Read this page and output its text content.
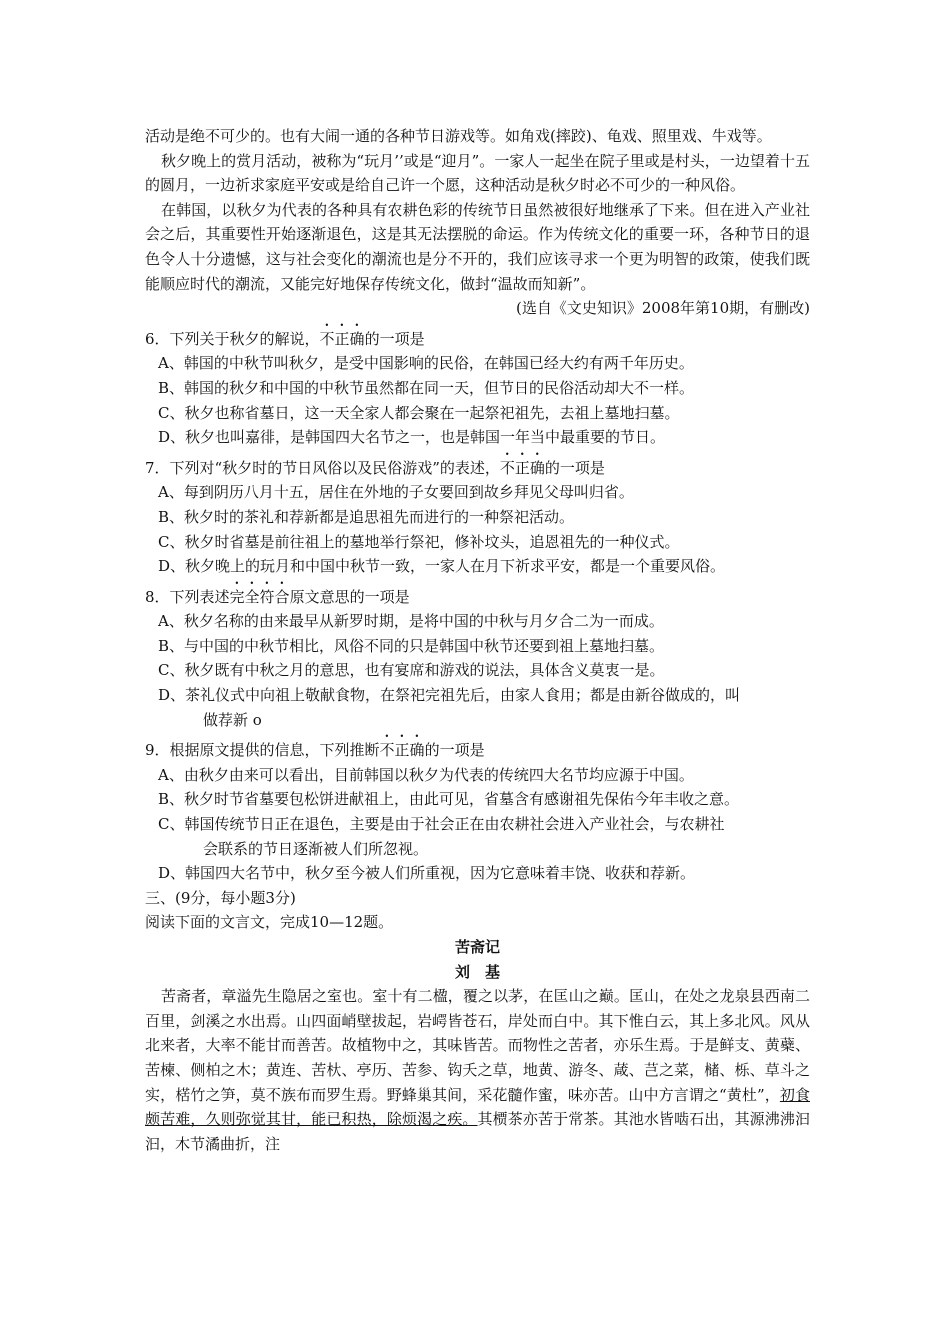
活动是绝不可少的。也有大闹一通的各种节日游戏等。如角戏(摔跤)、龟戏、照里戏、牛戏等。

秋夕晚上的赏月活动，被称为“玩月’’或是“迎月”。一家人一起坐在院子里或是村头，一边望着十五的圆月，一边祈求家庭平安或是给自己许一个愿，这种活动是秋夕时必不可少的一种风俗。

在韩国，以秋夕为代表的各种具有农耕色彩的传统节日虽然被很好地继承了下来。但在进入产业社会之后，其重要性开始逐渐退色，这是其无法摆脱的命运。作为传统文化的重要一环，各种节日的退色令人十分遗憾，这与社会变化的潮流也是分不开的，我们应该寻求一个更为明智的政策，使我们既能顺应时代的潮流，又能完好地保存传统文化，做封“温故而知新”。

(选自《文史知识》2008年第10期，有删改)

6．下列关于秋夕的解说，不正确的一项是

A、韩国的中秋节叫秋夕，是受中国影响的民俗，在韩国已经大约有两千年历史。

B、韩国的秋夕和中国的中秋节虽然都在同一天，但节日的民俗活动却大不一样。

C、秋夕也称省墓日，这一天全家人都会聚在一起祭祀祖先，去祖上墓地扫墓。

D、秋夕也叫嘉徘，是韩国四大名节之一，也是韩国一年当中最重要的节日。

7．下列对“秋夕时的节日风俗以及民俗游戏”的表述，不正确的一项是

A、每到阴历八月十五，居住在外地的子女要回到故乡拜见父母叫归省。

B、秋夕时的茶礼和荐新都是追思祖先而进行的一种祭祀活动。

C、秋夕时省墓是前往祖上的墓地举行祭祀，修补坟头，追恩祖先的一种仪式。

D、秋夕晚上的玩月和中国中秋节一致，一家人在月下祈求平安，都是一个重要风俗。

8．下列表述完全符合原文意思的一项是

A、秋夕名称的由来最早从新罗时期，是将中国的中秋与月夕合二为一而成。

B、与中国的中秋节相比，风俗不同的只是韩国中秋节还要到祖上墓地扫墓。

C、秋夕既有中秋之月的意思，也有宴席和游戏的说法，具体含义莫衷一是。

D、茶礼仪式中向祖上敬献食物，在祭祀完祖先后，由家人食用；都是由新谷做成的，叫

做荐新 o

9．根据原文提供的信息，下列推断不正确的一项是

A、由秋夕由来可以看出，目前韩国以秋夕为代表的传统四大名节均应源于中国。

B、秋夕时节省墓要包松饼进献祖上，由此可见，省墓含有感谢祖先保佑今年丰收之意。

C、韩国传统节日正在退色，主要是由于社会正在由农耕社会进入产业社会，与农耕社

会联系的节日逐渐被人们所忽视。

D、韩国四大名节中，秋夕至今被人们所重视，因为它意味着丰饶、收获和荐新。

三、(9分，每小题3分)

阅读下面的文言文，完成10—12题。

苦斋记

刘　基

苦斋者，章溢先生隐居之室也。室十有二楹，覆之以茅，在匡山之巅。匡山，在处之龙泉县西南二百里，剑溪之水出焉。山四面峭壁拔起，岩崿皆苍石，岸处而白中。其下惟白云，其上多北风。风从北来者，大率不能甘而善苦。故植物中之，其味皆苦。而物性之苦者，亦乐生焉。于是鲜支、黄蘗、苦楝、侧柏之木；黄连、苦杕、亭历、苦参、钩夭之草，地黄、游冬、葴、芑之菜，槠、栎、草斗之实，楛竹之笋，莫不族布而罗生焉。野蜂巢其间，采花髓作蜜，味亦苦。山中方言谓之“黄杜”，初食颇苦难，久则弥觉其甘，能已积热，除烦渴之疾。其槚茶亦苦于常茶。其池水皆啮石出，其源沸沸汩汩，木节潏曲折，注
